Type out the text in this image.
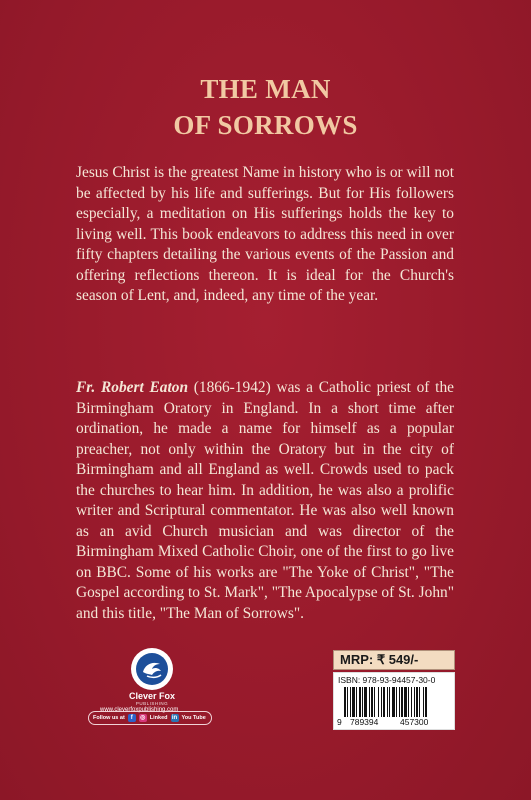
THE MAN
OF SORROWS

Jesus Christ is the greatest Name in history who is or will not be affected by his life and sufferings. But for His followers especially, a meditation on His sufferings holds the key to living well. This book endeavors to address this need in over fifty chapters detailing the various events of the Passion and offering reflections thereon. It is ideal for the Church's season of Lent, and, indeed, any time of the year.

Fr. Robert Eaton (1866-1942) was a Catholic priest of the Birmingham Oratory in England. In a short time after ordination, he made a name for himself as a popular preacher, not only within the Oratory but in the city of Birmingham and all England as well. Crowds used to pack the churches to hear him. In addition, he was also a prolific writer and Scriptural commentator. He was also well known as an avid Church musician and was director of the Birmingham Mixed Catholic Choir, one of the first to go live on BBC. Some of his works are "The Yoke of Christ", "The Gospel according to St. Mark", "The Apocalypse of St. John" and this title, "The Man of Sorrows".

Clever Fox
PUBLISHING
www.cleverfoxpublishing.com
Follow us at	f	◎ Linked in You Tube
MRP: ₹ 549/-
ISBN: 978-93-94457-30-0
9 789394	457300
